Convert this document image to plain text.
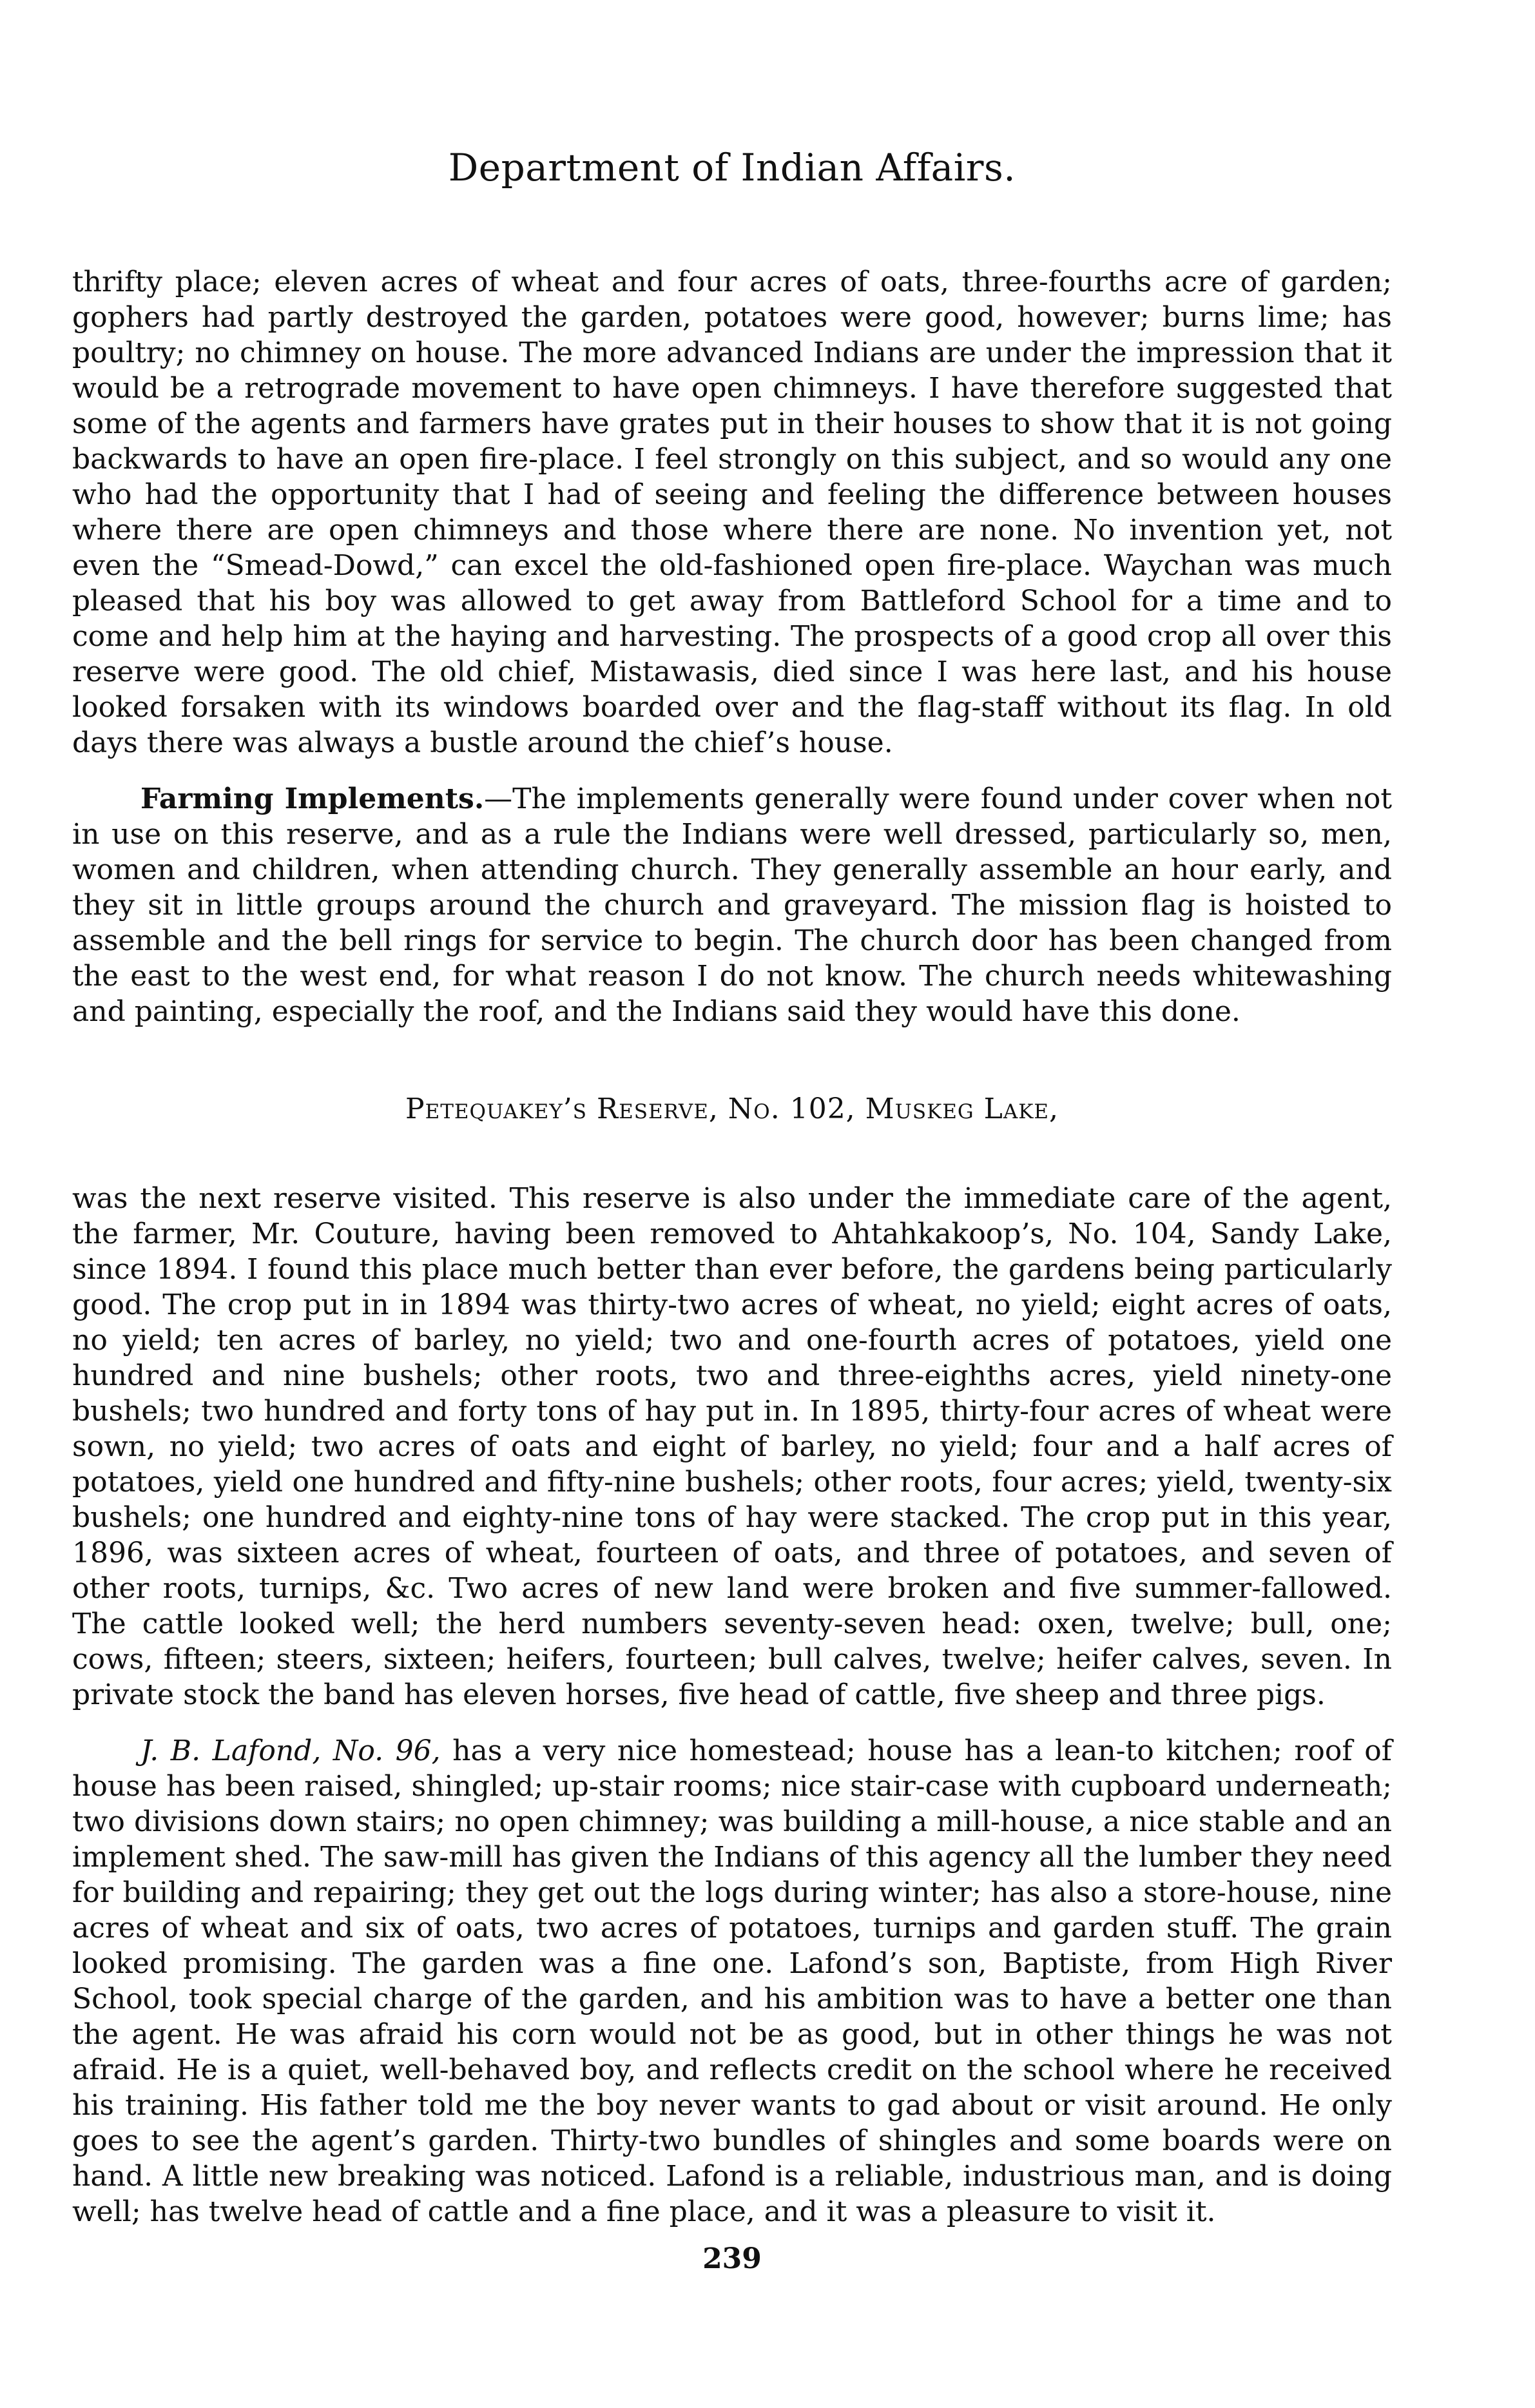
Department of Indian Affairs.

thrifty place; eleven acres of wheat and four acres of oats, three-fourths acre of garden; gophers had partly destroyed the garden, potatoes were good, however; burns lime; has poultry; no chimney on house. The more advanced Indians are under the impression that it would be a retrograde movement to have open chimneys. I have therefore suggested that some of the agents and farmers have grates put in their houses to show that it is not going backwards to have an open fire-place. I feel strongly on this subject, and so would any one who had the opportunity that I had of seeing and feeling the difference between houses where there are open chimneys and those where there are none. No invention yet, not even the “Smead-Dowd,” can excel the old-fashioned open fire-place. Waychan was much pleased that his boy was allowed to get away from Battleford School for a time and to come and help him at the haying and harvesting. The prospects of a good crop all over this reserve were good. The old chief, Mistawasis, died since I was here last, and his house looked forsaken with its windows boarded over and the flag-staff without its flag. In old days there was always a bustle around the chief’s house.

Farming Implements.—The implements generally were found under cover when not in use on this reserve, and as a rule the Indians were well dressed, particularly so, men, women and children, when attending church. They generally assemble an hour early, and they sit in little groups around the church and graveyard. The mission flag is hoisted to assemble and the bell rings for service to begin. The church door has been changed from the east to the west end, for what reason I do not know. The church needs whitewashing and painting, especially the roof, and the Indians said they would have this done.

Petequakey’s Reserve, No. 102, Muskeg Lake,

was the next reserve visited. This reserve is also under the immediate care of the agent, the farmer, Mr. Couture, having been removed to Ahtahkakoop’s, No. 104, Sandy Lake, since 1894. I found this place much better than ever before, the gardens being particularly good. The crop put in in 1894 was thirty-two acres of wheat, no yield; eight acres of oats, no yield; ten acres of barley, no yield; two and one-fourth acres of potatoes, yield one hundred and nine bushels; other roots, two and three-eighths acres, yield ninety-one bushels; two hundred and forty tons of hay put in. In 1895, thirty-four acres of wheat were sown, no yield; two acres of oats and eight of barley, no yield; four and a half acres of potatoes, yield one hundred and fifty-nine bushels; other roots, four acres; yield, twenty-six bushels; one hundred and eighty-nine tons of hay were stacked. The crop put in this year, 1896, was sixteen acres of wheat, fourteen of oats, and three of potatoes, and seven of other roots, turnips, &c. Two acres of new land were broken and five summer-fallowed. The cattle looked well; the herd numbers seventy-seven head: oxen, twelve; bull, one; cows, fifteen; steers, sixteen; heifers, fourteen; bull calves, twelve; heifer calves, seven. In private stock the band has eleven horses, five head of cattle, five sheep and three pigs.

J. B. Lafond, No. 96, has a very nice homestead; house has a lean-to kitchen; roof of house has been raised, shingled; up-stair rooms; nice stair-case with cupboard underneath; two divisions down stairs; no open chimney; was building a mill-house, a nice stable and an implement shed. The saw-mill has given the Indians of this agency all the lumber they need for building and repairing; they get out the logs during winter; has also a store-house, nine acres of wheat and six of oats, two acres of potatoes, turnips and garden stuff. The grain looked promising. The garden was a fine one. Lafond’s son, Baptiste, from High River School, took special charge of the garden, and his ambition was to have a better one than the agent. He was afraid his corn would not be as good, but in other things he was not afraid. He is a quiet, well-behaved boy, and reflects credit on the school where he received his training. His father told me the boy never wants to gad about or visit around. He only goes to see the agent’s garden. Thirty-two bundles of shingles and some boards were on hand. A little new breaking was noticed. Lafond is a reliable, industrious man, and is doing well; has twelve head of cattle and a fine place, and it was a pleasure to visit it.

239
